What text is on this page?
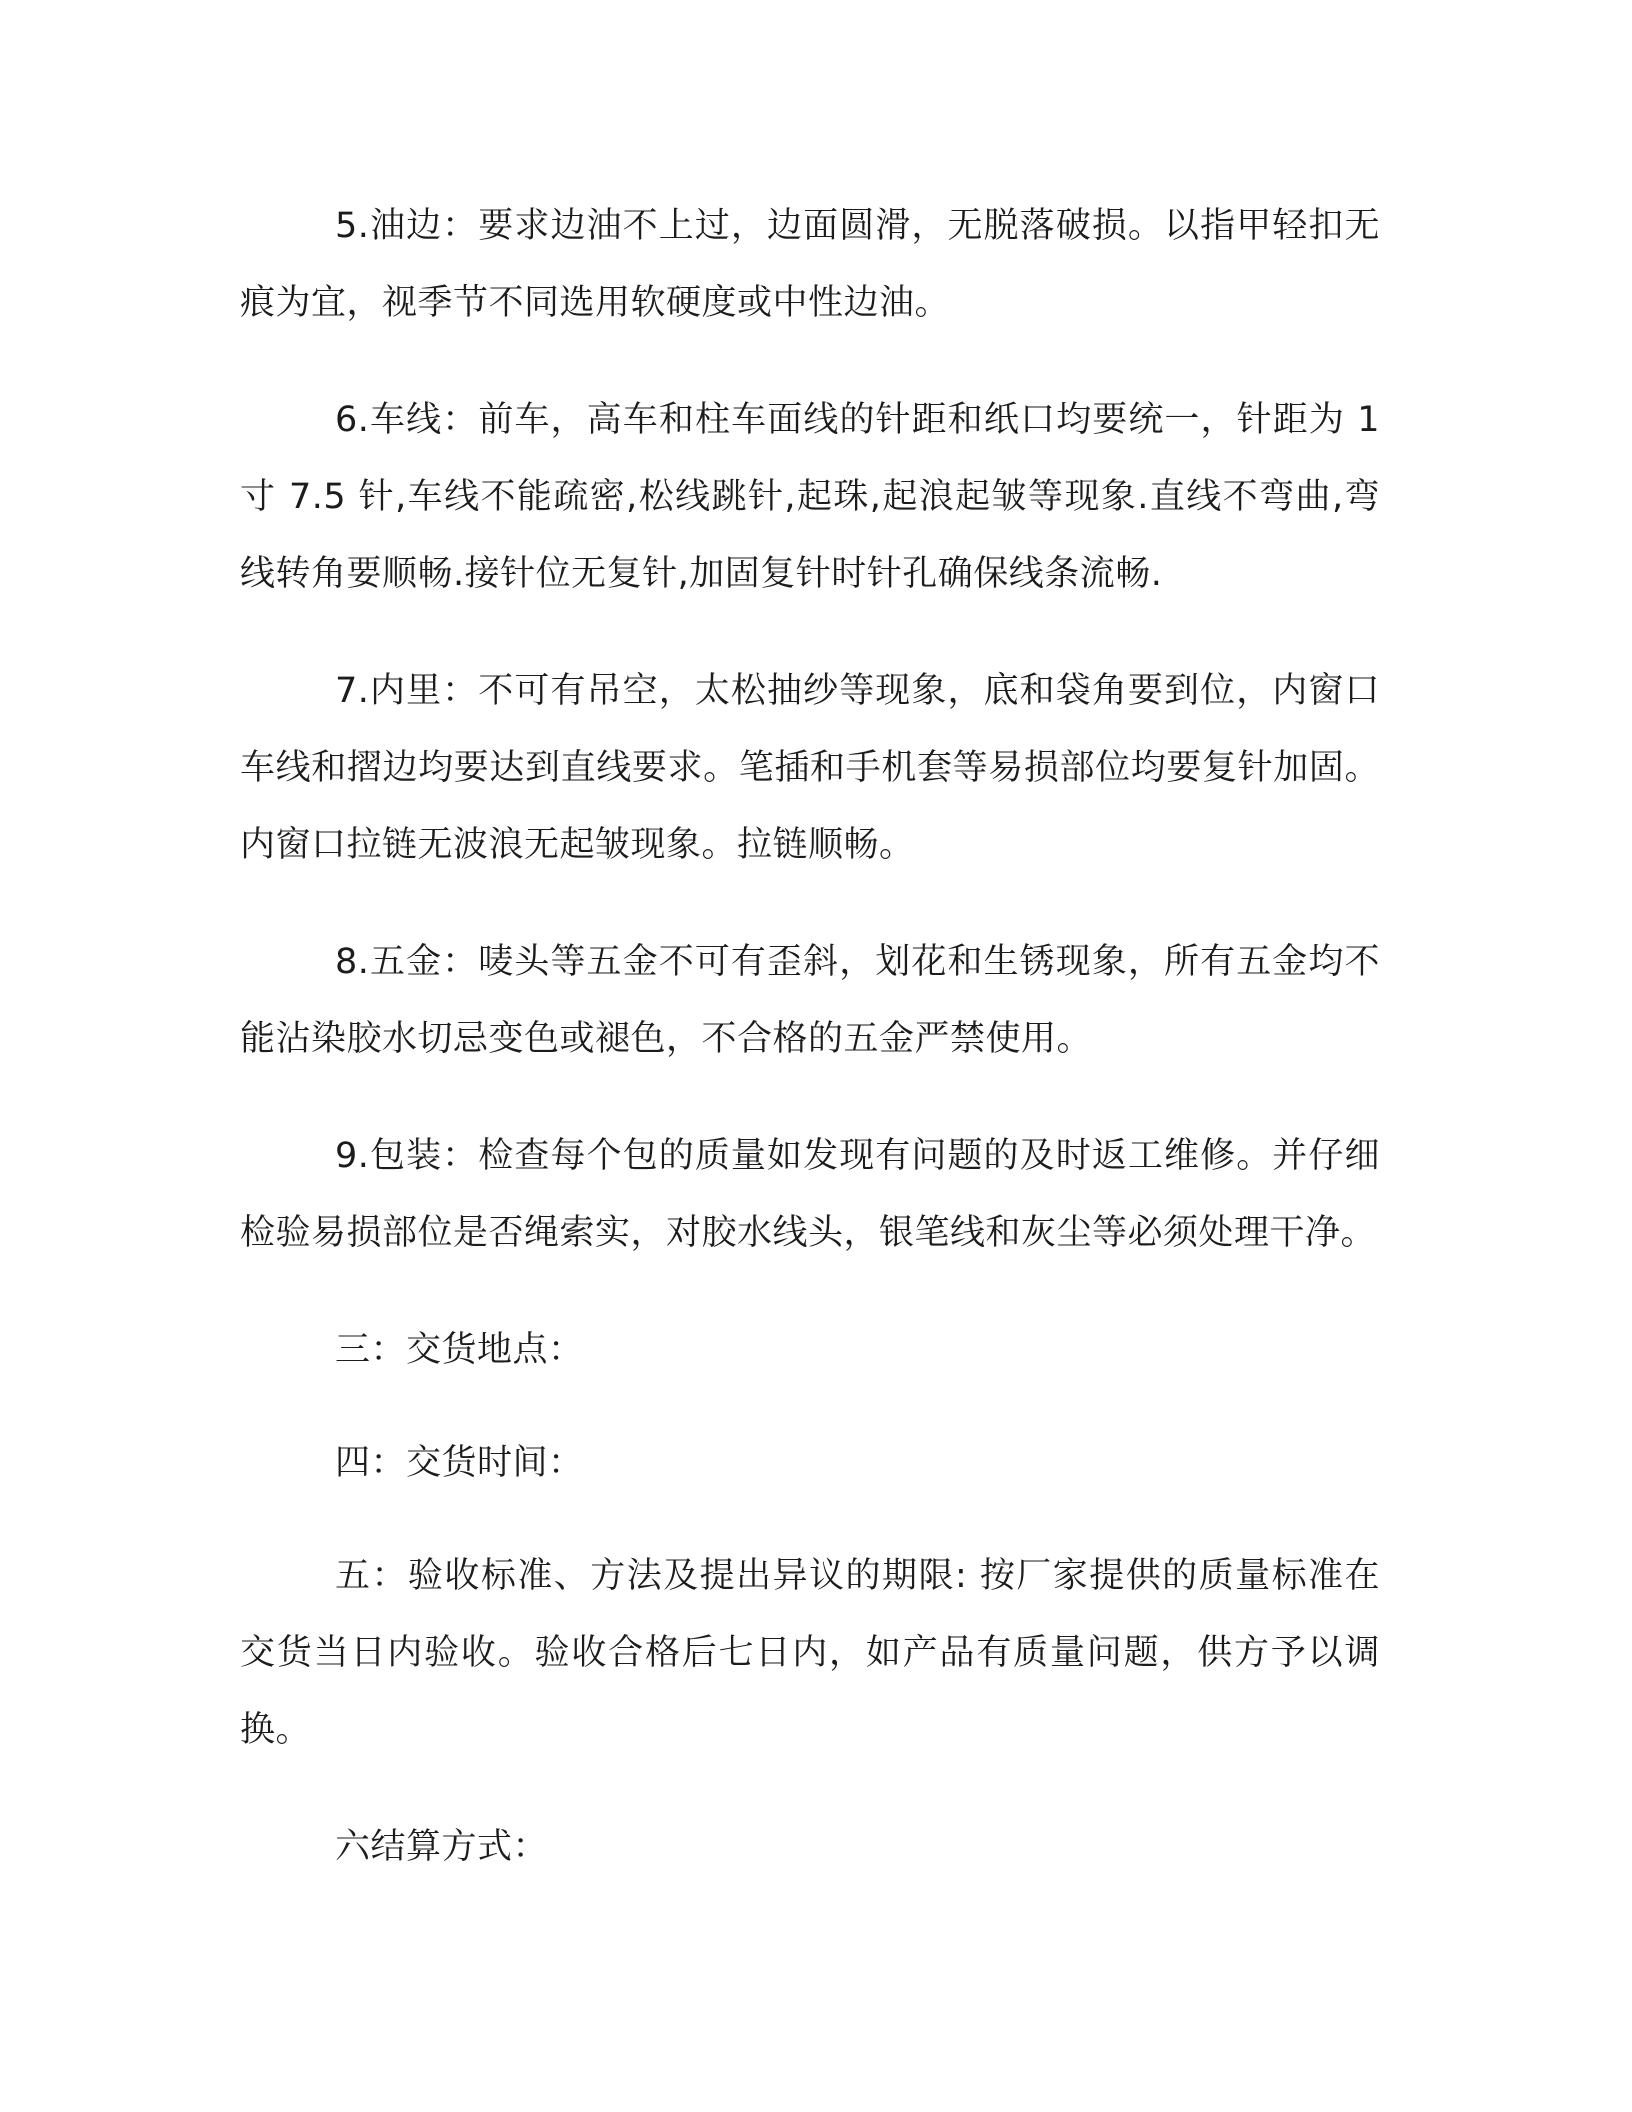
5.油边：要求边油不上过，边面圆滑，无脱落破损。以指甲轻扣无痕为宜，视季节不同选用软硬度或中性边油。

6.车线：前车，高车和柱车面线的针距和纸口均要统一，针距为 1 寸 7.5 针,车线不能疏密,松线跳针,起珠,起浪起皱等现象.直线不弯曲,弯线转角要顺畅.接针位无复针,加固复针时针孔确保线条流畅.

7.内里：不可有吊空，太松抽纱等现象，底和袋角要到位，内窗口车线和摺边均要达到直线要求。笔插和手机套等易损部位均要复针加固。内窗口拉链无波浪无起皱现象。拉链顺畅。

8.五金：唛头等五金不可有歪斜，划花和生锈现象，所有五金均不能沾染胶水切忌变色或褪色，不合格的五金严禁使用。

9.包装：检查每个包的质量如发现有问题的及时返工维修。并仔细检验易损部位是否绳索实，对胶水线头，银笔线和灰尘等必须处理干净。

三：交货地点：

四：交货时间：

五：验收标准、方法及提出异议的期限: 按厂家提供的质量标准在交货当日内验收。验收合格后七日内，如产品有质量问题，供方予以调换。

六结算方式：
